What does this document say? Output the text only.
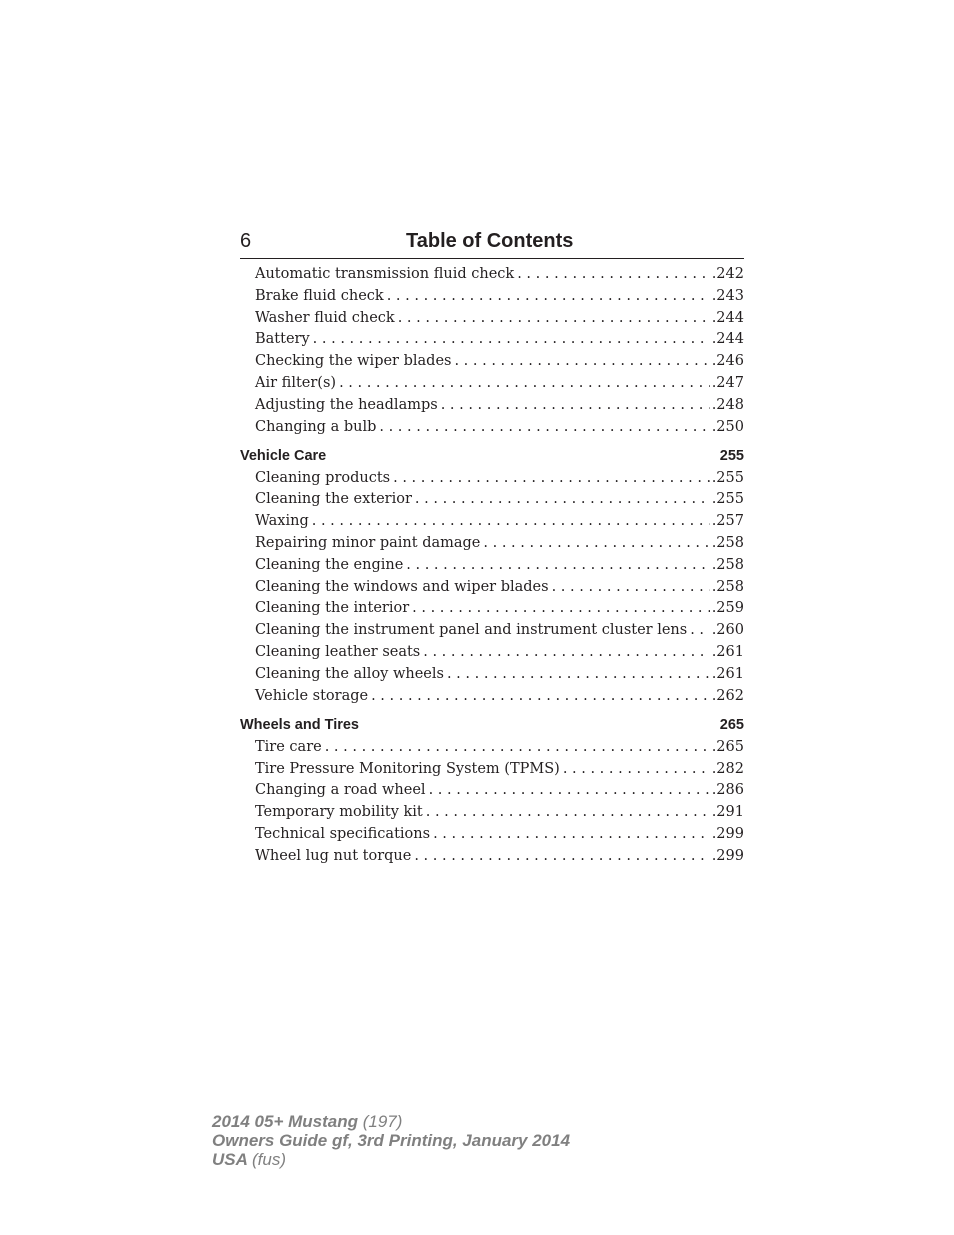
6	Table of Contents
Automatic transmission fluid check . . .	.242
Brake fluid check . . .	.243
Washer fluid check . . .	.244
Battery . . .	.244
Checking the wiper blades . . .	.246
Air filter(s) . . .	.247
Adjusting the headlamps . . .	.248
Changing a bulb . . .	.250
Vehicle Care	255
Cleaning products . . .	.255
Cleaning the exterior . . .	.255
Waxing . . .	.257
Repairing minor paint damage . . .	.258
Cleaning the engine . . .	.258
Cleaning the windows and wiper blades . . .	.258
Cleaning the interior . . .	.259
Cleaning the instrument panel and instrument cluster lens . . . .260
Cleaning leather seats . . .	.261
Cleaning the alloy wheels . . .	.261
Vehicle storage . . .	.262
Wheels and Tires	265
Tire care . . .	.265
Tire Pressure Monitoring System (TPMS) . . .	.282
Changing a road wheel . . .	.286
Temporary mobility kit . . .	.291
Technical specifications . . .	.299
Wheel lug nut torque . . .	.299
2014 05+ Mustang (197)
Owners Guide gf, 3rd Printing, January 2014
USA (fus)
